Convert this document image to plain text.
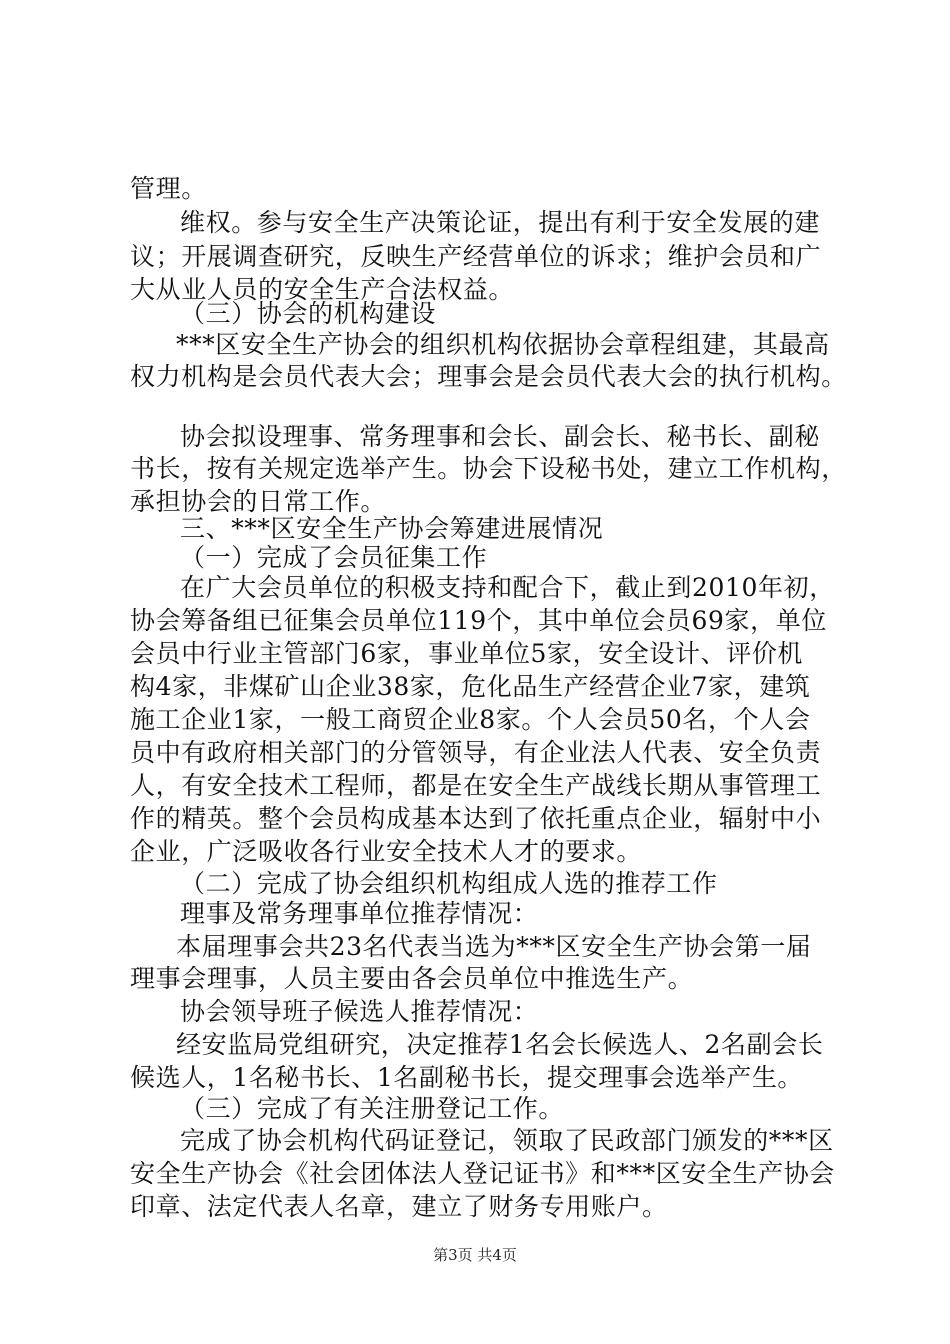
管理。
维权。参与安全生产决策论证，提出有利于安全发展的建
议；开展调查研究，反映生产经营单位的诉求；维护会员和广
大从业人员的安全生产合法权益。
（三）协会的机构建设
***区安全生产协会的组织机构依据协会章程组建，其最高
权力机构是会员代表大会；理事会是会员代表大会的执行机构。
协会拟设理事、常务理事和会长、副会长、秘书长、副秘
书长，按有关规定选举产生。协会下设秘书处，建立工作机构，
承担协会的日常工作。
三、***区安全生产协会筹建进展情况
（一）完成了会员征集工作
在广大会员单位的积极支持和配合下，截止到2010年初，
协会筹备组已征集会员单位119个，其中单位会员69家，单位
会员中行业主管部门6家，事业单位5家，安全设计、评价机
构4家，非煤矿山企业38家，危化品生产经营企业7家，建筑
施工企业1家，一般工商贸企业8家。个人会员50名，个人会
员中有政府相关部门的分管领导，有企业法人代表、安全负责
人，有安全技术工程师，都是在安全生产战线长期从事管理工
作的精英。整个会员构成基本达到了依托重点企业，辐射中小
企业，广泛吸收各行业安全技术人才的要求。
（二）完成了协会组织机构组成人选的推荐工作
理事及常务理事单位推荐情况：
本届理事会共23名代表当选为***区安全生产协会第一届
理事会理事，人员主要由各会员单位中推选生产。
协会领导班子候选人推荐情况：
经安监局党组研究，决定推荐1名会长候选人、2名副会长
候选人，1名秘书长、1名副秘书长，提交理事会选举产生。
（三）完成了有关注册登记工作。
完成了协会机构代码证登记，领取了民政部门颁发的***区
安全生产协会《社会团体法人登记证书》和***区安全生产协会
印章、法定代表人名章，建立了财务专用账户。
第3页 共4页
